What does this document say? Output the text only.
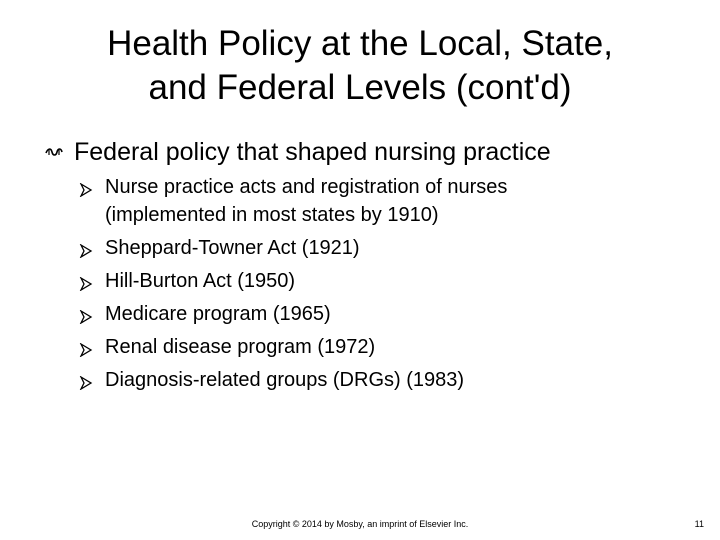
Health Policy at the Local, State,
and Federal Levels (cont'd)
Federal policy that shaped nursing practice
Nurse practice acts and registration of nurses
(implemented in most states by 1910)
Sheppard-Towner Act (1921)
Hill-Burton Act (1950)
Medicare program (1965)
Renal disease program (1972)
Diagnosis-related groups (DRGs) (1983)
Copyright © 2014 by Mosby, an imprint of Elsevier Inc.	11
